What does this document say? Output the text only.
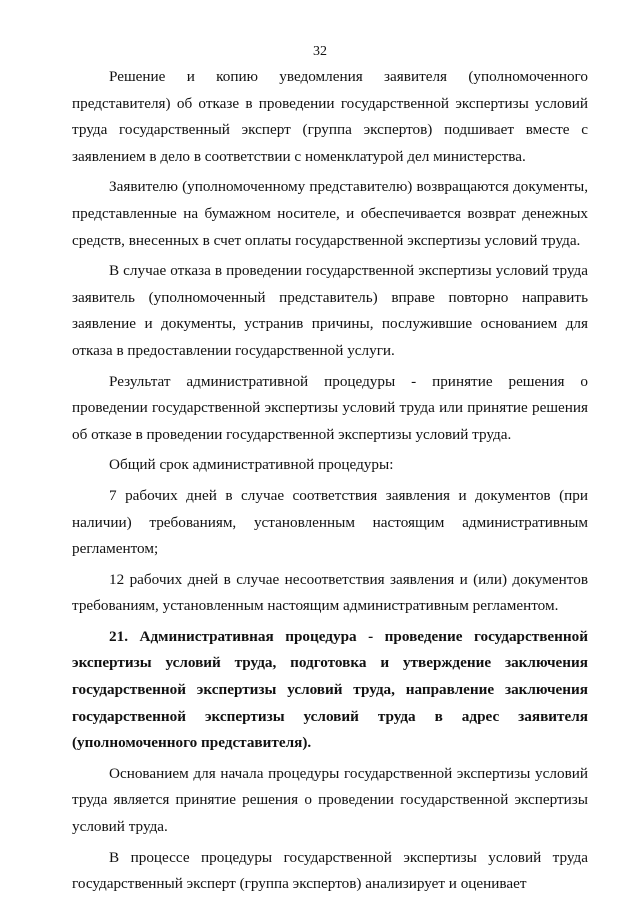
32

Решение и копию уведомления заявителя (уполномоченного представителя) об отказе в проведении государственной экспертизы условий труда государственный эксперт (группа экспертов) подшивает вместе с заявлением в дело в соответствии с номенклатурой дел министерства.

Заявителю (уполномоченному представителю) возвращаются документы, представленные на бумажном носителе, и обеспечивается возврат денежных средств, внесенных в счет оплаты государственной экспертизы условий труда.

В случае отказа в проведении государственной экспертизы условий труда заявитель (уполномоченный представитель) вправе повторно направить заявление и документы, устранив причины, послужившие основанием для отказа в предоставлении государственной услуги.

Результат административной процедуры - принятие решения о проведении государственной экспертизы условий труда или принятие решения об отказе в проведении государственной экспертизы условий труда.

Общий срок административной процедуры:

7 рабочих дней в случае соответствия заявления и документов (при наличии) требованиям, установленным настоящим административным регламентом;

12 рабочих дней в случае несоответствия заявления и (или) документов требованиям, установленным настоящим административным регламентом.

21. Административная процедура - проведение государственной экспертизы условий труда, подготовка и утверждение заключения государственной экспертизы условий труда, направление заключения государственной экспертизы условий труда в адрес заявителя (уполномоченного представителя).

Основанием для начала процедуры государственной экспертизы условий труда является принятие решения о проведении государственной экспертизы условий труда.

В процессе процедуры государственной экспертизы условий труда государственный эксперт (группа экспертов) анализирует и оценивает
